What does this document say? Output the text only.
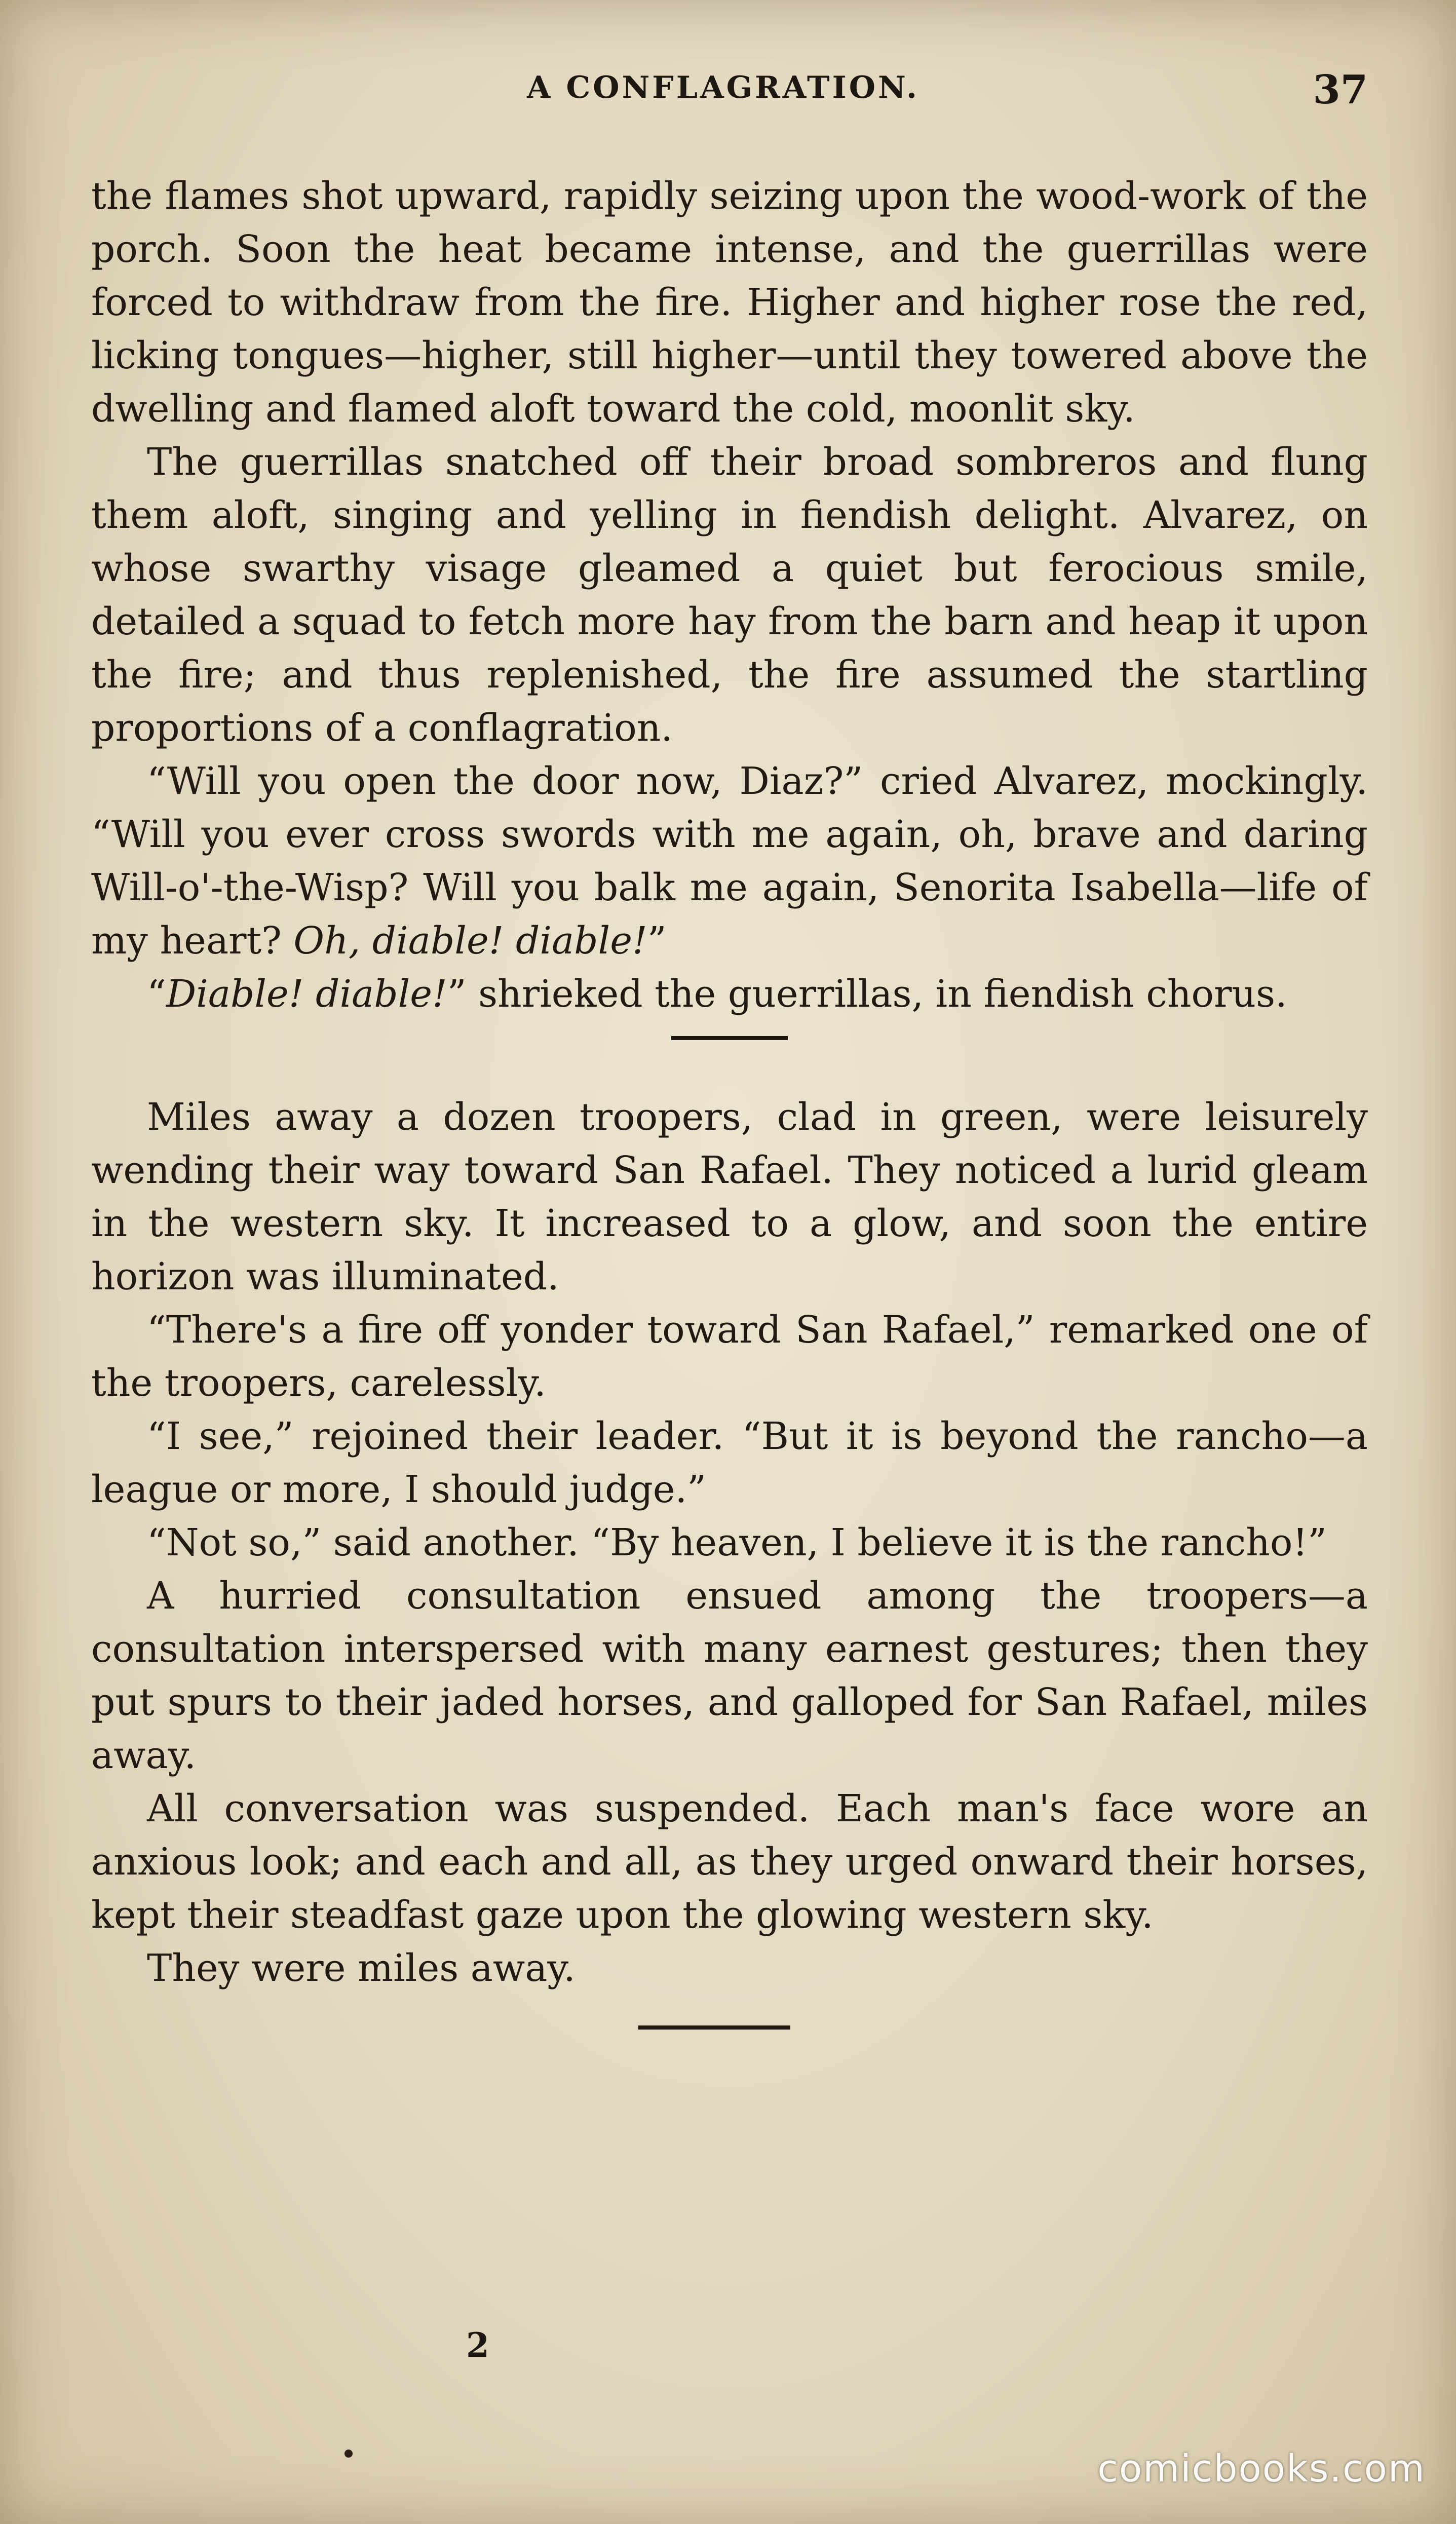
A CONFLAGRATION.	37

the flames shot upward, rapidly seizing upon the wood-work of the porch. Soon the heat became intense, and the guerrillas were forced to withdraw from the fire. Higher and higher rose the red, licking tongues—higher, still higher—until they towered above the dwelling and flamed aloft toward the cold, moonlit sky.

The guerrillas snatched off their broad sombreros and flung them aloft, singing and yelling in fiendish delight. Alvarez, on whose swarthy visage gleamed a quiet but ferocious smile, detailed a squad to fetch more hay from the barn and heap it upon the fire; and thus replenished, the fire assumed the startling proportions of a conflagration.

“Will you open the door now, Diaz?” cried Alvarez, mockingly. “Will you ever cross swords with me again, oh, brave and daring Will-o'-the-Wisp? Will you balk me again, Senorita Isabella—life of my heart? Oh, diable! diable!”

“Diable! diable!” shrieked the guerrillas, in fiendish chorus.

Miles away a dozen troopers, clad in green, were leisurely wending their way toward San Rafael. They noticed a lurid gleam in the western sky. It increased to a glow, and soon the entire horizon was illuminated.

“There's a fire off yonder toward San Rafael,” remarked one of the troopers, carelessly.

“I see,” rejoined their leader. “But it is beyond the rancho—a league or more, I should judge.”

“Not so,” said another. “By heaven, I believe it is the rancho!”

A hurried consultation ensued among the troopers—a consultation interspersed with many earnest gestures; then they put spurs to their jaded horses, and galloped for San Rafael, miles away.

All conversation was suspended. Each man's face wore an anxious look; and each and all, as they urged onward their horses, kept their steadfast gaze upon the glowing western sky.

They were miles away.

2
comicbooks.com
